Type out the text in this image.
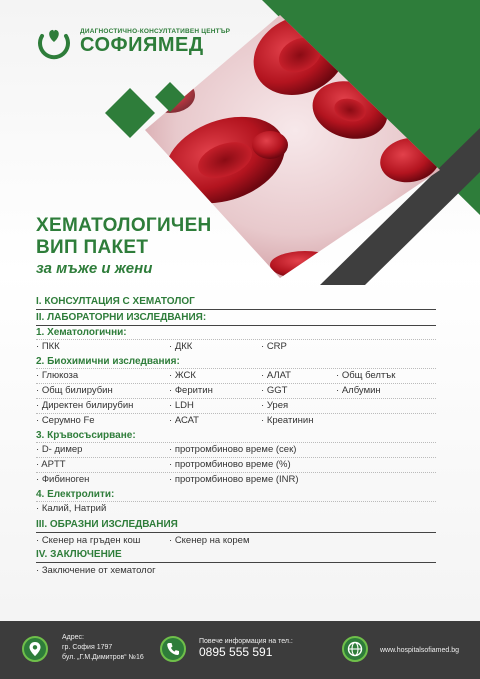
ДИАГНОСТИЧНО-КОНСУЛТАТИВЕН ЦЕНТЪР
СОФИЯМЕД
ХЕМАТОЛОГИЧЕН
ВИП ПАКЕТ
за мъже и жени
I. КОНСУЛТАЦИЯ С ХЕМАТОЛОГ
II. ЛАБОРАТОРНИ ИЗСЛЕДВАНИЯ:
1. Хематологични:
· ПКК	· ДКК	· CRP
2. Биохимични изследвания:
· Глюкоза	· ЖСК	· АЛАТ	· Общ белтък
· Общ билирубин	· Феритин	· GGT	· Албумин
· Директен билирубин	· LDH	· Урея
· Серумно Fe	· АСАТ	· Креатинин
3. Кръвосъсирване:
· D- димер	· протромбиново време (сек)
· APTT	· протромбиново време (%)
· Фибиноген	· протромбиново време (INR)
4. Електролити:
· Калий, Натрий
III. ОБРАЗНИ ИЗСЛЕДВАНИЯ
· Скенер на гръден кош	· Скенер на корем
IV. ЗАКЛЮЧЕНИЕ
· Заключение от хематолог
Адрес:
гр. София 1797
бул. „Г.М.Димитров“ №16
Повече информация на тел.:
0895 555 591	www.hospitalsofiamed.bg
